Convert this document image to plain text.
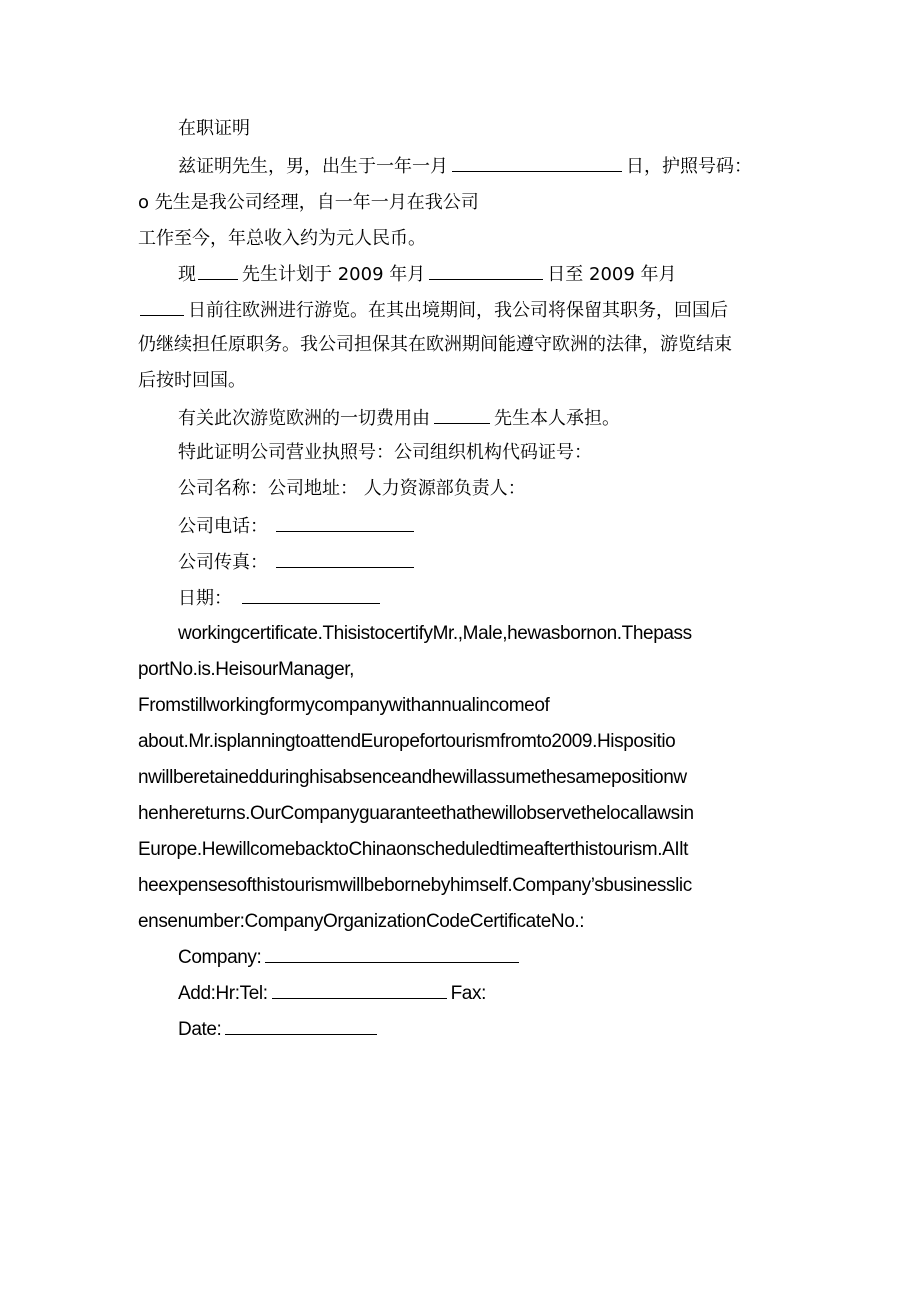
在职证明
兹证明先生，男，出生于一年一月	日，护照号码：
o 先生是我公司经理，自一年一月在我公司
工作至今，年总收入约为元人民币。
现	先生计划于 2009 年月	日至 2009 年月
日前往欧洲进行游览。在其出境期间，我公司将保留其职务，回国后
仍继续担任原职务。我公司担保其在欧洲期间能遵守欧洲的法律，游览结束
后按时回国。
有关此次游览欧洲的一切费用由	先生本人承担。
特此证明公司营业执照号：公司组织机构代码证号：
公司名称：公司地址： 人力资源部负责人：
公司电话：
公司传真：
日期：
workingcertificate.ThisistocertifyMr.,Male,hewasbornon.Thepass
portNo.is.HeisourManager,
Fromstillworkingformycompanywithannualincomeof
about.Mr.isplanningtoattendEuropefortourismfromto2009.Hispositio
nwillberetainedduringhisabsenceandhewillassumethesamepositionw
henhereturns.OurCompanyguaranteethathewillobservethelocallawsin
Europe.HewillcomebacktoChinaonscheduledtimeafterthistourism.AIlt
heexpensesofthistourismwillbebornebyhimself.Company’sbusinesslic
ensenumber:CompanyOrganizationCodeCertificateNo.:
Company:
Add:Hr:Tel:	Fax:
Date:
